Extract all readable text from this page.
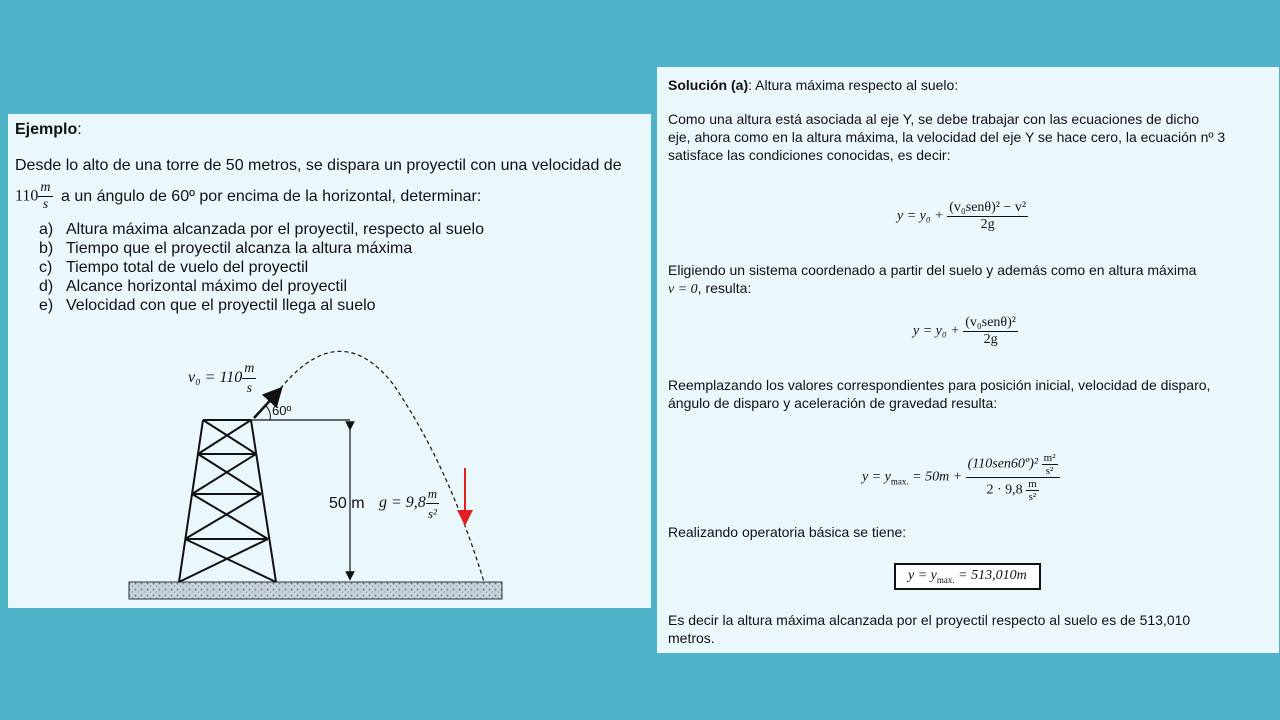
Ejemplo:
Desde lo alto de una torre de 50 metros, se dispara un proyectil con una velocidad de
$110 \frac{m}{s}$ a un ángulo de 60º por encima de la horizontal, determinar:
a) Altura máxima alcanzada por el proyectil, respecto al suelo
b) Tiempo que el proyectil alcanza la altura máxima
c) Tiempo total de vuelo del proyectil
d) Alcance horizontal máximo del proyectil
e) Velocidad con que el proyectil llega al suelo
$v_0 = 110 \frac{m}{s}$
60º
50 m $g = 9,8 \frac{m}{\text{s²}}$
Solución (a): Altura máxima respecto al suelo:
Como una altura está asociada al eje Y, se debe trabajar con las ecuaciones de dicho
eje, ahora como en la altura máxima, la velocidad del eje Y se hace cero, la ecuación nº 3
satisface las condiciones conocidas, es decir:
$y = y_0 + \frac{\text{(v₀senθ)² − v²}}{2g}$
Eligiendo un sistema coordenado a partir del suelo y además como en altura máxima
v = 0, resulta:
$y = y_0 + \frac{\text{(v₀senθ)²}}{2g}$
Reemplazando los valores correspondientes para posición inicial, velocidad de disparo,
ángulo de disparo y aceleración de gravedad resulta:
$y = y_{max.} = 50m + \frac{(110sen60º)^2 \frac{\text{m²}}{\text{s²}}}{2 \cdot 9,8 \frac{m}{\text{s²}}}$
Realizando operatoria básica se tiene:
$y = y_{max.} = 513,010m$
Es decir la altura máxima alcanzada por el proyectil respecto al suelo es de 513,010
metros.
